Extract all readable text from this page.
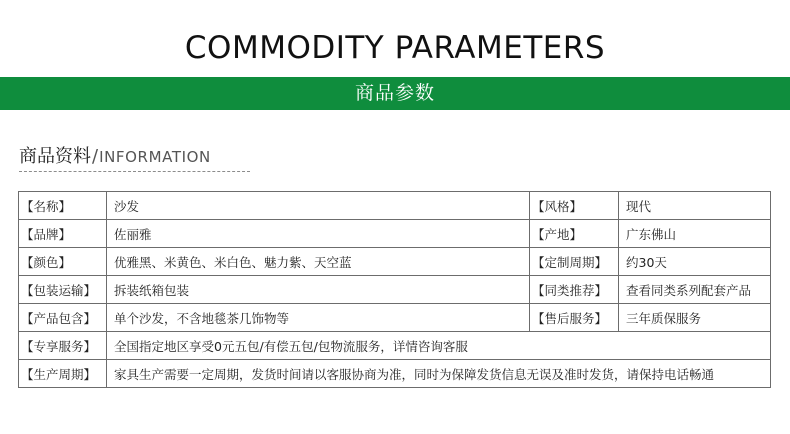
COMMODITY PARAMETERS
商品参数
商品资料/INFORMATION
【名称】	沙发	【风格】	现代
【品牌】	佐丽雅	【产地】	广东佛山
【颜色】	优雅黑、米黄色、米白色、魅力紫、天空蓝	【定制周期】	约30天
【包装运输】	拆装纸箱包装	【同类推荐】	查看同类系列配套产品
【产品包含】	单个沙发，不含地毯茶几饰物等	【售后服务】	三年质保服务
【专享服务】	全国指定地区享受0元五包/有偿五包/包物流服务，详情咨询客服		
【生产周期】	家具生产需要一定周期，发货时间请以客服协商为准，同时为保障发货信息无误及准时发货，请保持电话畅通		
